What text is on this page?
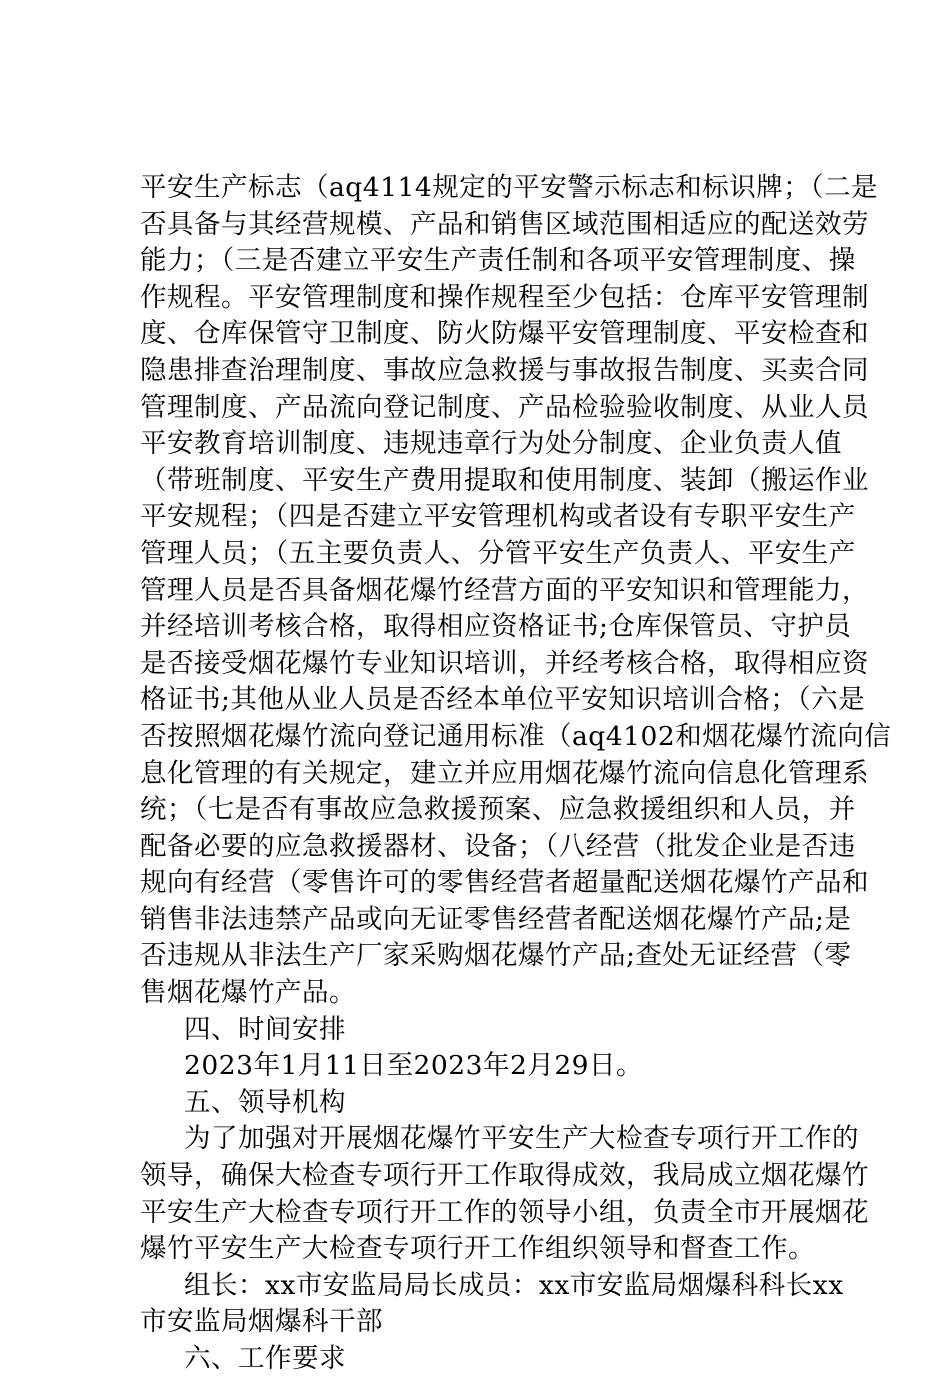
平安生产标志（aq4114规定的平安警示标志和标识牌；（二是
否具备与其经营规模、产品和销售区域范围相适应的配送效劳
能力；（三是否建立平安生产责任制和各项平安管理制度、操
作规程。平安管理制度和操作规程至少包括：仓库平安管理制
度、仓库保管守卫制度、防火防爆平安管理制度、平安检查和
隐患排查治理制度、事故应急救援与事故报告制度、买卖合同
管理制度、产品流向登记制度、产品检验验收制度、从业人员
平安教育培训制度、违规违章行为处分制度、企业负责人值
（带班制度、平安生产费用提取和使用制度、装卸（搬运作业
平安规程；（四是否建立平安管理机构或者设有专职平安生产
管理人员；（五主要负责人、分管平安生产负责人、平安生产
管理人员是否具备烟花爆竹经营方面的平安知识和管理能力，
并经培训考核合格，取得相应资格证书;仓库保管员、守护员
是否接受烟花爆竹专业知识培训，并经考核合格，取得相应资
格证书;其他从业人员是否经本单位平安知识培训合格；（六是
否按照烟花爆竹流向登记通用标准（aq4102和烟花爆竹流向信
息化管理的有关规定，建立并应用烟花爆竹流向信息化管理系
统；（七是否有事故应急救援预案、应急救援组织和人员，并
配备必要的应急救援器材、设备；（八经营（批发企业是否违
规向有经营（零售许可的零售经营者超量配送烟花爆竹产品和
销售非法违禁产品或向无证零售经营者配送烟花爆竹产品;是
否违规从非法生产厂家采购烟花爆竹产品;查处无证经营（零
售烟花爆竹产品。
四、时间安排
2023年1月11日至2023年2月29日。
五、领导机构
为了加强对开展烟花爆竹平安生产大检查专项行开工作的
领导，确保大检查专项行开工作取得成效，我局成立烟花爆竹
平安生产大检查专项行开工作的领导小组，负责全市开展烟花
爆竹平安生产大检查专项行开工作组织领导和督查工作。
组长：xx市安监局局长成员：xx市安监局烟爆科科长xx
市安监局烟爆科干部
六、工作要求
